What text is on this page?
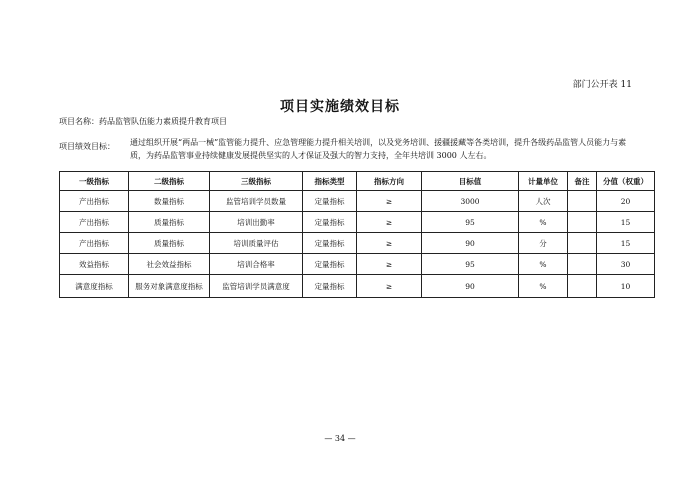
部门公开表 11
项目实施绩效目标
项目名称：药品监管队伍能力素质提升教育项目
项目绩效目标： 通过组织开展“两品一械”监管能力提升、应急管理能力提升相关培训，以及党务培训、援疆援藏等各类培训，提升各级药品监管人员能力与素质，为药品监管事业持续健康发展提供坚实的人才保证及强大的智力支持，全年共培训 3000 人左右。
一级指标	二级指标	三级指标	指标类型	指标方向	目标值	计量单位	备注	分值（权重）
产出指标	数量指标	监管培训学员数量	定量指标	≥	3000	人次		20
产出指标	质量指标	培训出勤率	定量指标	≥	95	%		15
产出指标	质量指标	培训质量评估	定量指标	≥	90	分		15
效益指标	社会效益指标	培训合格率	定量指标	≥	95	%		30
满意度指标	服务对象满意度指标	监管培训学员满意度	定量指标	≥	90	%		10
— 34 —
